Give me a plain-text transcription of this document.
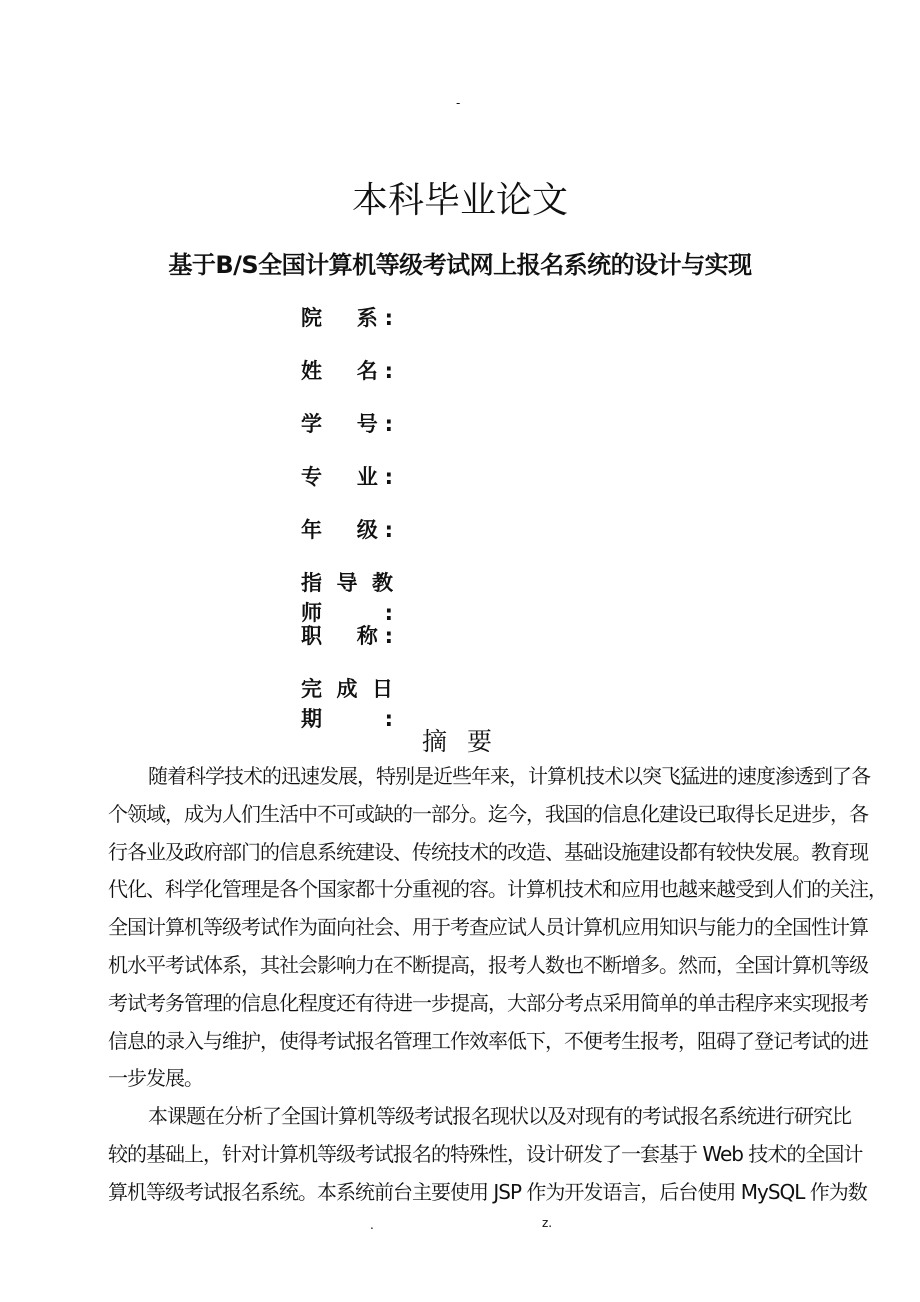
-
本科毕业论文
基于B/S全国计算机等级考试网上报名系统的设计与实现
院　系:
姓　名:
学　号:
专　业:
年　级:
指导教师:
职　称:
完成日期:
摘 要
随着科学技术的迅速发展，特别是近些年来，计算机技术以突飞猛进的速度渗透到了各
个领域，成为人们生活中不可或缺的一部分。迄今，我国的信息化建设已取得长足进步，各
行各业及政府部门的信息系统建设、传统技术的改造、基础设施建设都有较快发展。教育现
代化、科学化管理是各个国家都十分重视的容。计算机技术和应用也越来越受到人们的关注，
全国计算机等级考试作为面向社会、用于考查应试人员计算机应用知识与能力的全国性计算
机水平考试体系，其社会影响力在不断提高，报考人数也不断增多。然而，全国计算机等级
考试考务管理的信息化程度还有待进一步提高，大部分考点采用简单的单击程序来实现报考
信息的录入与维护，使得考试报名管理工作效率低下，不便考生报考，阻碍了登记考试的进
一步发展。
本课题在分析了全国计算机等级考试报名现状以及对现有的考试报名系统进行研究比
较的基础上，针对计算机等级考试报名的特殊性，设计研发了一套基于 Web 技术的全国计
算机等级考试报名系统。本系统前台主要使用 JSP 作为开发语言，后台使用 MySQL 作为数
.	z.
